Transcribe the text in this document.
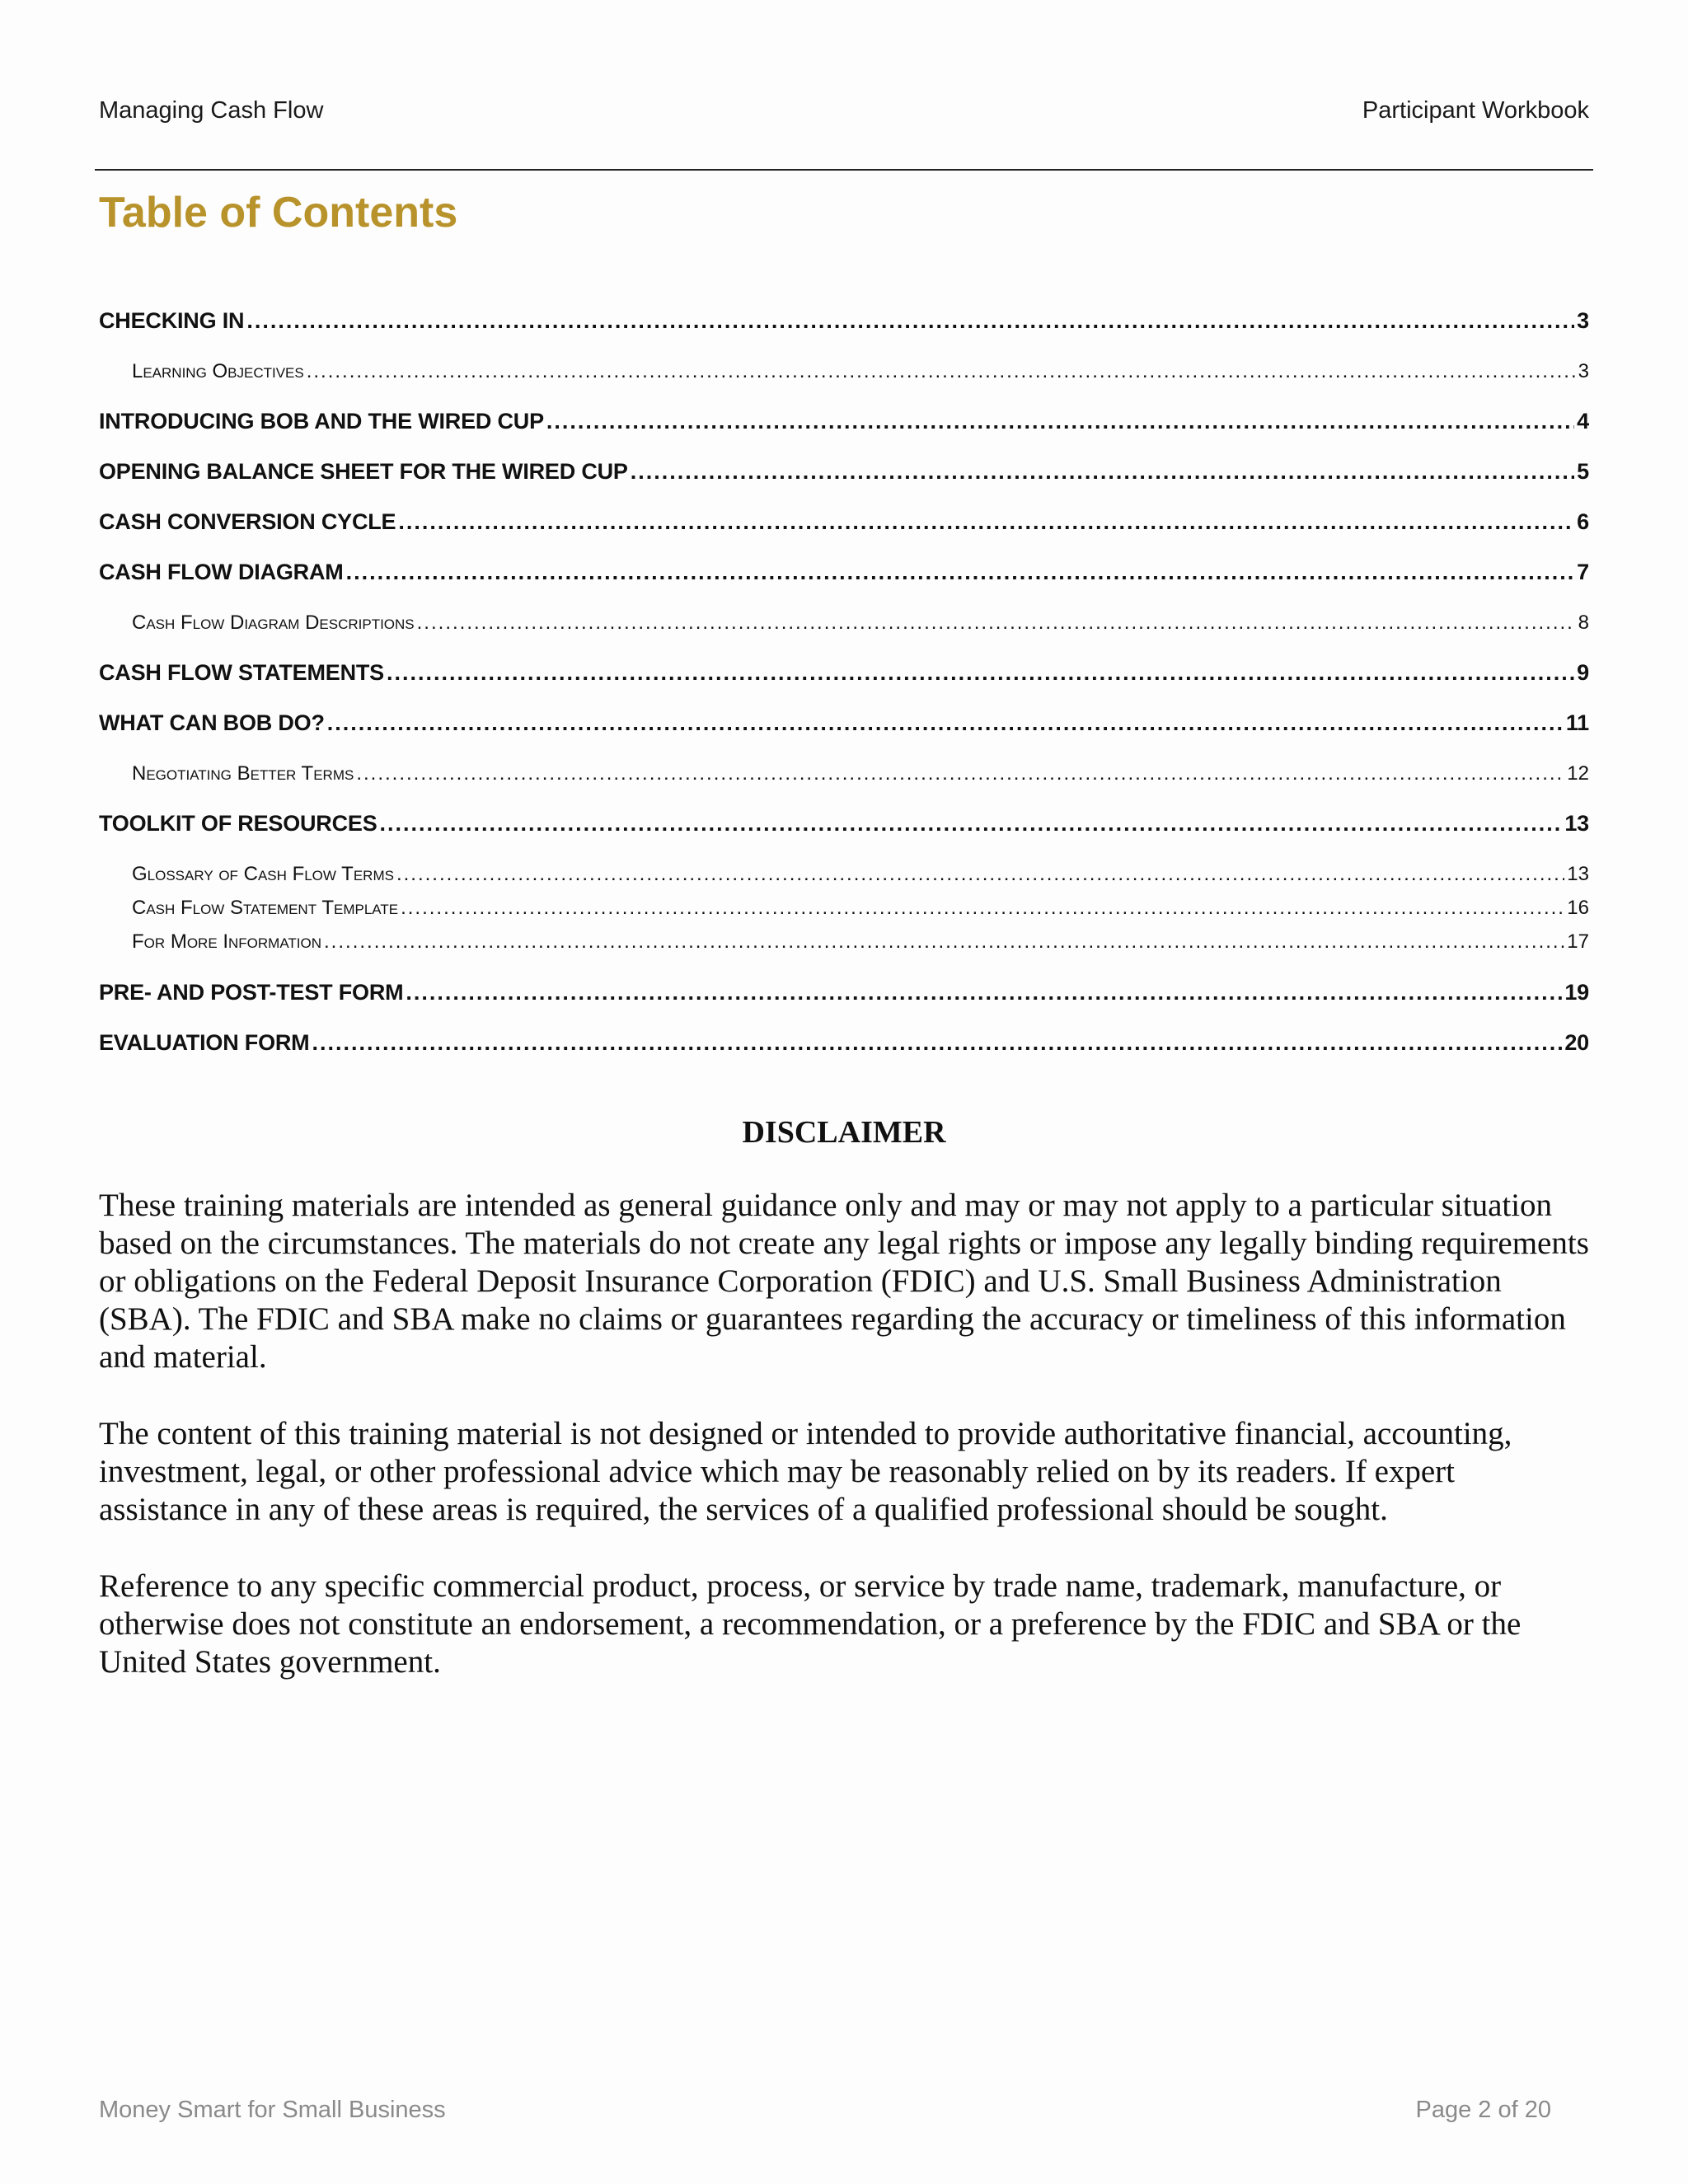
Managing Cash Flow	Participant Workbook
Table of Contents
CHECKING IN .....	3
Learning Objectives .....	3
INTRODUCING BOB AND THE WIRED CUP .....	4
OPENING BALANCE SHEET FOR THE WIRED CUP .....	5
CASH CONVERSION CYCLE .....	6
CASH FLOW DIAGRAM .....	7
Cash Flow Diagram Descriptions .....	8
CASH FLOW STATEMENTS .....	9
WHAT CAN BOB DO? .....	11
Negotiating Better Terms .....	12
TOOLKIT OF RESOURCES .....	13
Glossary of Cash Flow Terms .....	13
Cash Flow Statement Template .....	16
For More Information .....	17
PRE- AND POST-TEST FORM .....	19
EVALUATION FORM .....	20
DISCLAIMER

These training materials are intended as general guidance only and may or may not apply to a particular situation based on the circumstances. The materials do not create any legal rights or impose any legally binding requirements or obligations on the Federal Deposit Insurance Corporation (FDIC) and U.S. Small Business Administration (SBA). The FDIC and SBA make no claims or guarantees regarding the accuracy or timeliness of this information and material.

The content of this training material is not designed or intended to provide authoritative financial, accounting, investment, legal, or other professional advice which may be reasonably relied on by its readers. If expert assistance in any of these areas is required, the services of a qualified professional should be sought.

Reference to any specific commercial product, process, or service by trade name, trademark, manufacture, or otherwise does not constitute an endorsement, a recommendation, or a preference by the FDIC and SBA or the United States government.

Money Smart for Small Business	Page 2 of 20
